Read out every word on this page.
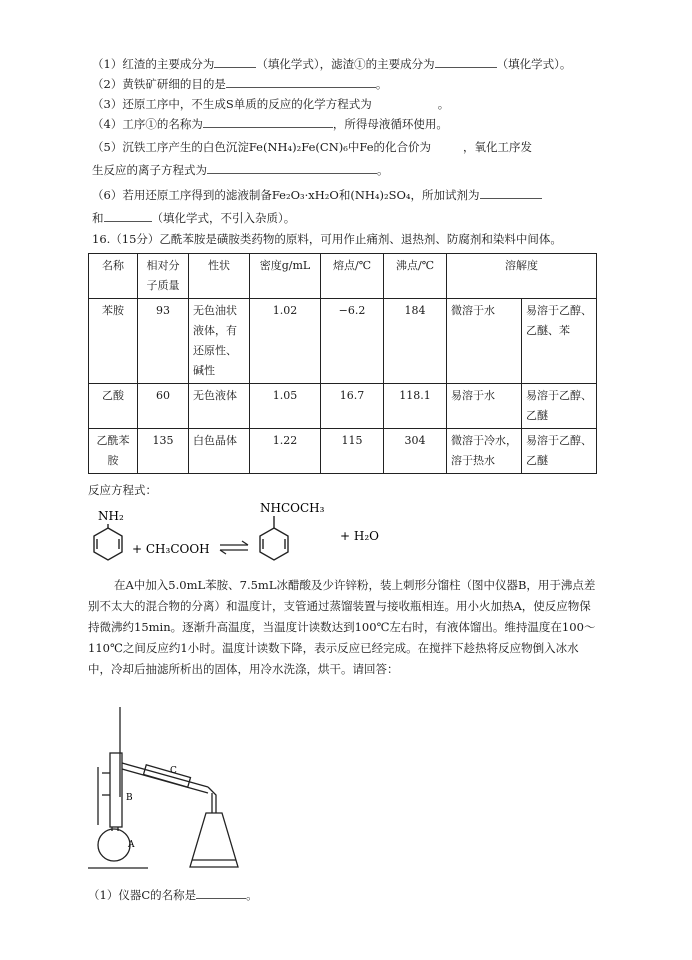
（1）红渣的主要成分为	（填化学式），滤渣①的主要成分为	（填化学式）。
（2）黄铁矿研细的目的是	。
（3）还原工序中，不生成S单质的反应的化学方程式为	。
（4）工序①的名称为	，所得母液循环使用。
（5）沉铁工序产生的白色沉淀Fe(NH₄)₂Fe(CN)₆中Fe的化合价为	，氧化工序发
生反应的离子方程式为	。
（6）若用还原工序得到的滤液制备Fe₂O₃·xH₂O和(NH₄)₂SO₄，所加试剂为
和	（填化学式，不引入杂质）。
16.（15分）乙酰苯胺是磺胺类药物的原料，可用作止痛剂、退热剂、防腐剂和染料中间体。
名称	相对分子质量	性状	密度g/mL	熔点/℃	沸点/℃	溶解度	
苯胺	93	无色油状液体，有还原性、碱性	1.02	−6.2	184	微溶于水	易溶于乙醇、乙醚、苯
乙酸	60	无色液体	1.05	16.7	118.1	易溶于水	易溶于乙醇、乙醚
乙酰苯胺	135	白色晶体	1.22	115	304	微溶于冷水，溶于热水	易溶于乙醇、乙醚
反应方程式：
NH₂
+ CH₃COOH
NHCOCH₃
+ H₂O
在A中加入5.0mL苯胺、7.5mL冰醋酸及少许锌粉，装上刺形分馏柱（图中仪器B，用于沸点差别不太大的混合物的分离）和温度计，支管通过蒸馏装置与接收瓶相连。用小火加热A，使反应物保持微沸约15min。逐渐升高温度，当温度计读数达到100℃左右时，有液体馏出。维持温度在100～110℃之间反应约1小时。温度计读数下降，表示反应已经完成。在搅拌下趁热将反应物倒入冰水中，冷却后抽滤所析出的固体，用冷水洗涤，烘干。请回答：
A
B
C
（1）仪器C的名称是	。
